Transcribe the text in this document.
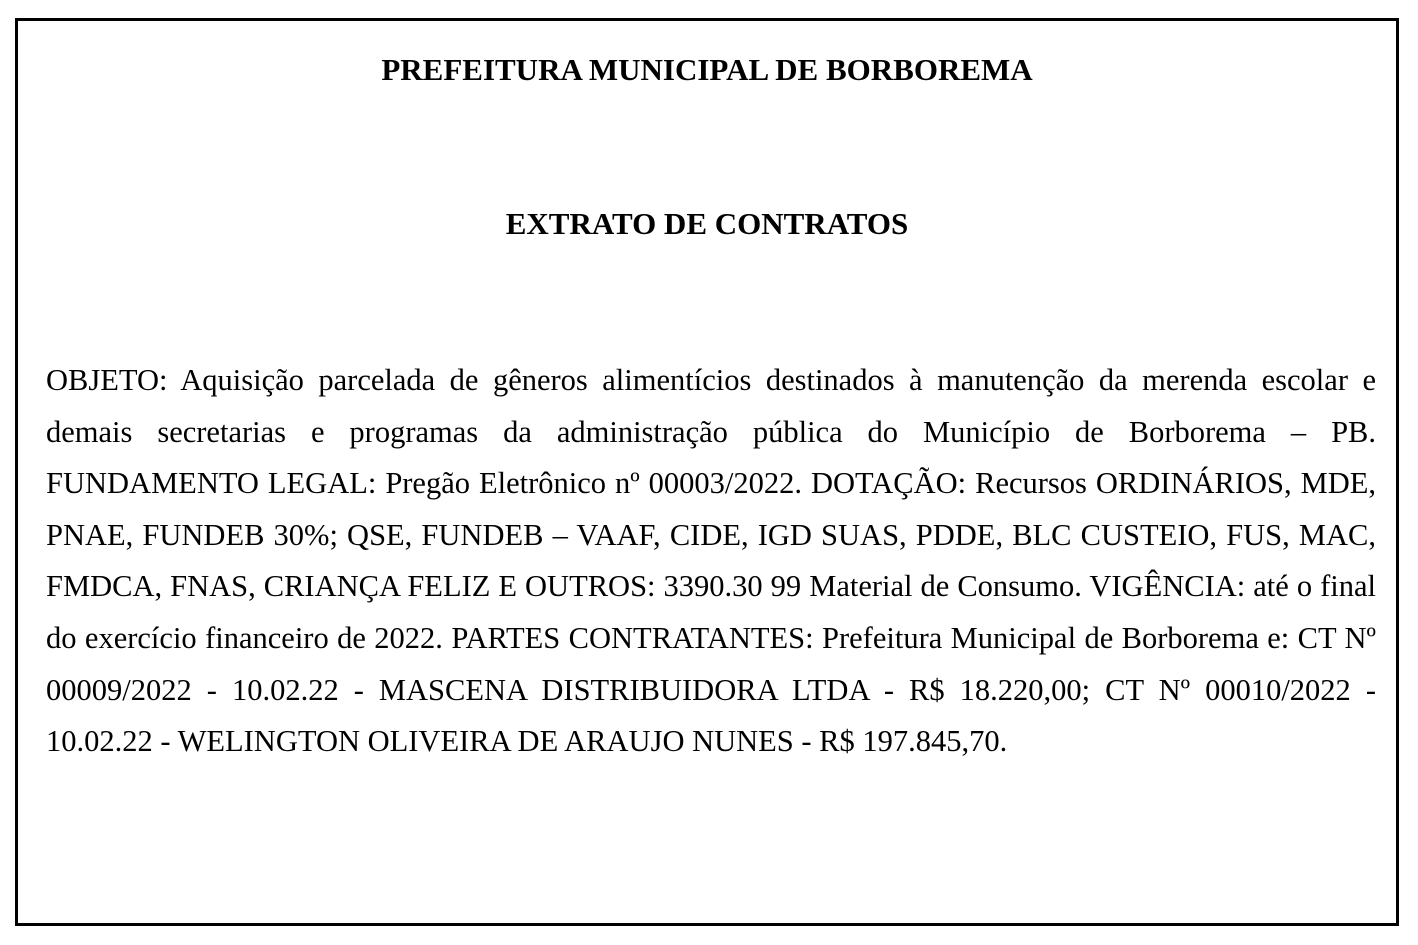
PREFEITURA MUNICIPAL DE BORBOREMA
EXTRATO DE CONTRATOS

OBJETO: Aquisição parcelada de gêneros alimentícios destinados à manutenção da merenda escolar e demais secretarias e programas da administração pública do Município de Borborema – PB. FUNDAMENTO LEGAL: Pregão Eletrônico nº 00003/2022. DOTAÇÃO: Recursos ORDINÁRIOS, MDE, PNAE, FUNDEB 30%; QSE, FUNDEB – VAAF, CIDE, IGD SUAS, PDDE, BLC CUSTEIO, FUS, MAC, FMDCA, FNAS, CRIANÇA FELIZ E OUTROS: 3390.30 99 Material de Consumo. VIGÊNCIA: até o final do exercício financeiro de 2022. PARTES CONTRATANTES: Prefeitura Municipal de Borborema e: CT Nº 00009/2022 - 10.02.22 - MASCENA DISTRIBUIDORA LTDA - R$ 18.220,00; CT Nº 00010/2022 - 10.02.22 - WELINGTON OLIVEIRA DE ARAUJO NUNES - R$ 197.845,70.
